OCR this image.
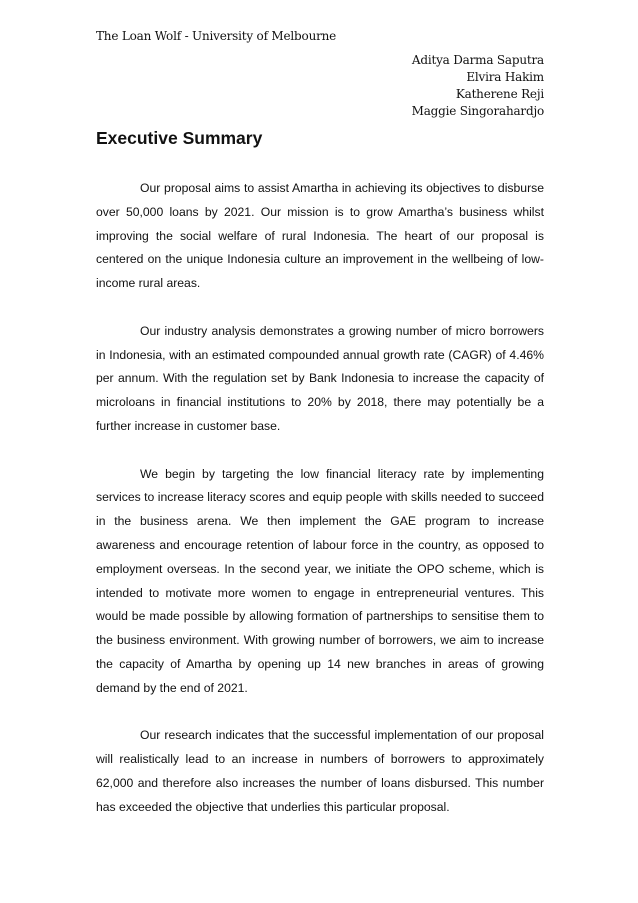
The Loan Wolf - University of Melbourne
Aditya Darma Saputra
Elvira Hakim
Katherene Reji
Maggie Singorahardjo
Executive Summary

Our proposal aims to assist Amartha in achieving its objectives to disburse over 50,000 loans by 2021. Our mission is to grow Amartha’s business whilst improving the social welfare of rural Indonesia. The heart of our proposal is centered on the unique Indonesia culture an improvement in the wellbeing of low-income rural areas.

Our industry analysis demonstrates a growing number of micro borrowers in Indonesia, with an estimated compounded annual growth rate (CAGR) of 4.46% per annum. With the regulation set by Bank Indonesia to increase the capacity of microloans in financial institutions to 20% by 2018, there may potentially be a further increase in customer base.

We begin by targeting the low financial literacy rate by implementing services to increase literacy scores and equip people with skills needed to succeed in the business arena. We then implement the GAE program to increase awareness and encourage retention of labour force in the country, as opposed to employment overseas. In the second year, we initiate the OPO scheme, which is intended to motivate more women to engage in entrepreneurial ventures. This would be made possible by allowing formation of partnerships to sensitise them to the business environment. With growing number of borrowers, we aim to increase the capacity of Amartha by opening up 14 new branches in areas of growing demand by the end of 2021.

Our research indicates that the successful implementation of our proposal will realistically lead to an increase in numbers of borrowers to approximately 62,000 and therefore also increases the number of loans disbursed. This number has exceeded the objective that underlies this particular proposal.
